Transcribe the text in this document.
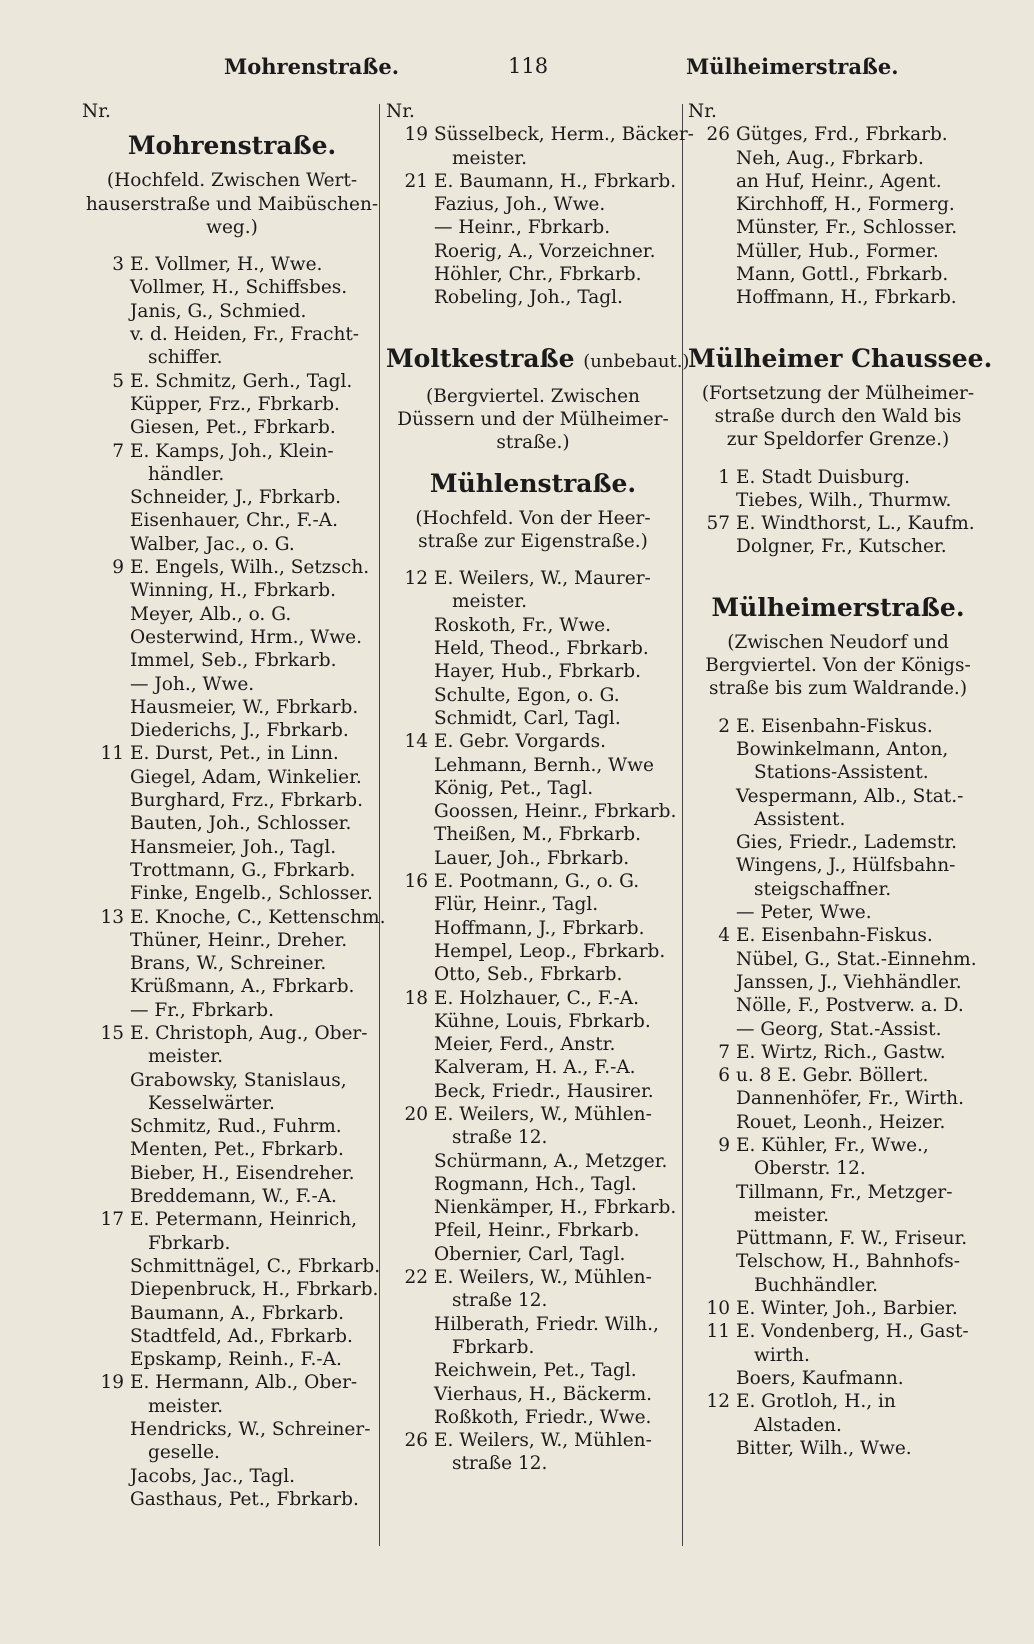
Mohrenstraße.	118	Mülheimerstraße.
Nr.
Mohrenstraße.
(Hochfeld. Zwischen Wert-
hauserstraße und Maibüschen-
weg.)
3 E. Vollmer, H., Wwe.
Vollmer, H., Schiffsbes.
Janis, G., Schmied.
v. d. Heiden, Fr., Fracht-
schiffer.
5 E. Schmitz, Gerh., Tagl.
Küpper, Frz., Fbrkarb.
Giesen, Pet., Fbrkarb.
7 E. Kamps, Joh., Klein-
händler.
Schneider, J., Fbrkarb.
Eisenhauer, Chr., F.-A.
Walber, Jac., o. G.
9 E. Engels, Wilh., Setzsch.
Winning, H., Fbrkarb.
Meyer, Alb., o. G.
Oesterwind, Hrm., Wwe.
Immel, Seb., Fbrkarb.
— Joh., Wwe.
Hausmeier, W., Fbrkarb.
Diederichs, J., Fbrkarb.
11 E. Durst, Pet., in Linn.
Giegel, Adam, Winkelier.
Burghard, Frz., Fbrkarb.
Bauten, Joh., Schlosser.
Hansmeier, Joh., Tagl.
Trottmann, G., Fbrkarb.
Finke, Engelb., Schlosser.
13 E. Knoche, C., Kettenschm.
Thüner, Heinr., Dreher.
Brans, W., Schreiner.
Krüßmann, A., Fbrkarb.
— Fr., Fbrkarb.
15 E. Christoph, Aug., Ober-
meister.
Grabowsky, Stanislaus,
Kesselwärter.
Schmitz, Rud., Fuhrm.
Menten, Pet., Fbrkarb.
Bieber, H., Eisendreher.
Breddemann, W., F.-A.
17 E. Petermann, Heinrich,
Fbrkarb.
Schmittnägel, C., Fbrkarb.
Diepenbruck, H., Fbrkarb.
Baumann, A., Fbrkarb.
Stadtfeld, Ad., Fbrkarb.
Epskamp, Reinh., F.-A.
19 E. Hermann, Alb., Ober-
meister.
Hendricks, W., Schreiner-
geselle.
Jacobs, Jac., Tagl.
Gasthaus, Pet., Fbrkarb.
Nr.
19 Süsselbeck, Herm., Bäcker-
meister.
21 E. Baumann, H., Fbrkarb.
Fazius, Joh., Wwe.
— Heinr., Fbrkarb.
Roerig, A., Vorzeichner.
Höhler, Chr., Fbrkarb.
Robeling, Joh., Tagl.
Moltkestraße (unbebaut.)
(Bergviertel. Zwischen
Düssern und der Mülheimer-
straße.)
Mühlenstraße.
(Hochfeld. Von der Heer-
straße zur Eigenstraße.)
12 E. Weilers, W., Maurer-
meister.
Roskoth, Fr., Wwe.
Held, Theod., Fbrkarb.
Hayer, Hub., Fbrkarb.
Schulte, Egon, o. G.
Schmidt, Carl, Tagl.
14 E. Gebr. Vorgards.
Lehmann, Bernh., Wwe
König, Pet., Tagl.
Goossen, Heinr., Fbrkarb.
Theißen, M., Fbrkarb.
Lauer, Joh., Fbrkarb.
16 E. Pootmann, G., o. G.
Flür, Heinr., Tagl.
Hoffmann, J., Fbrkarb.
Hempel, Leop., Fbrkarb.
Otto, Seb., Fbrkarb.
18 E. Holzhauer, C., F.-A.
Kühne, Louis, Fbrkarb.
Meier, Ferd., Anstr.
Kalveram, H. A., F.-A.
Beck, Friedr., Hausirer.
20 E. Weilers, W., Mühlen-
straße 12.
Schürmann, A., Metzger.
Rogmann, Hch., Tagl.
Nienkämper, H., Fbrkarb.
Pfeil, Heinr., Fbrkarb.
Obernier, Carl, Tagl.
22 E. Weilers, W., Mühlen-
straße 12.
Hilberath, Friedr. Wilh.,
Fbrkarb.
Reichwein, Pet., Tagl.
Vierhaus, H., Bäckerm.
Roßkoth, Friedr., Wwe.
26 E. Weilers, W., Mühlen-
straße 12.
Nr.
26 Gütges, Frd., Fbrkarb.
Neh, Aug., Fbrkarb.
an Huf, Heinr., Agent.
Kirchhoff, H., Formerg.
Münster, Fr., Schlosser.
Müller, Hub., Former.
Mann, Gottl., Fbrkarb.
Hoffmann, H., Fbrkarb.
Mülheimer Chaussee.
(Fortsetzung der Mülheimer-
straße durch den Wald bis
zur Speldorfer Grenze.)
1 E. Stadt Duisburg.
Tiebes, Wilh., Thurmw.
57 E. Windthorst, L., Kaufm.
Dolgner, Fr., Kutscher.
Mülheimerstraße.
(Zwischen Neudorf und
Bergviertel. Von der Königs-
straße bis zum Waldrande.)
2 E. Eisenbahn-Fiskus.
Bowinkelmann, Anton,
Stations-Assistent.
Vespermann, Alb., Stat.-
Assistent.
Gies, Friedr., Lademstr.
Wingens, J., Hülfsbahn-
steigschaffner.
— Peter, Wwe.
4 E. Eisenbahn-Fiskus.
Nübel, G., Stat.-Einnehm.
Janssen, J., Viehhändler.
Nölle, F., Postverw. a. D.
— Georg, Stat.-Assist.
7 E. Wirtz, Rich., Gastw.
6 u. 8 E. Gebr. Böllert.
Dannenhöfer, Fr., Wirth.
Rouet, Leonh., Heizer.
9 E. Kühler, Fr., Wwe.,
Oberstr. 12.
Tillmann, Fr., Metzger-
meister.
Püttmann, F. W., Friseur.
Telschow, H., Bahnhofs-
Buchhändler.
10 E. Winter, Joh., Barbier.
11 E. Vondenberg, H., Gast-
wirth.
Boers, Kaufmann.
12 E. Grotloh, H., in
Alstaden.
Bitter, Wilh., Wwe.
